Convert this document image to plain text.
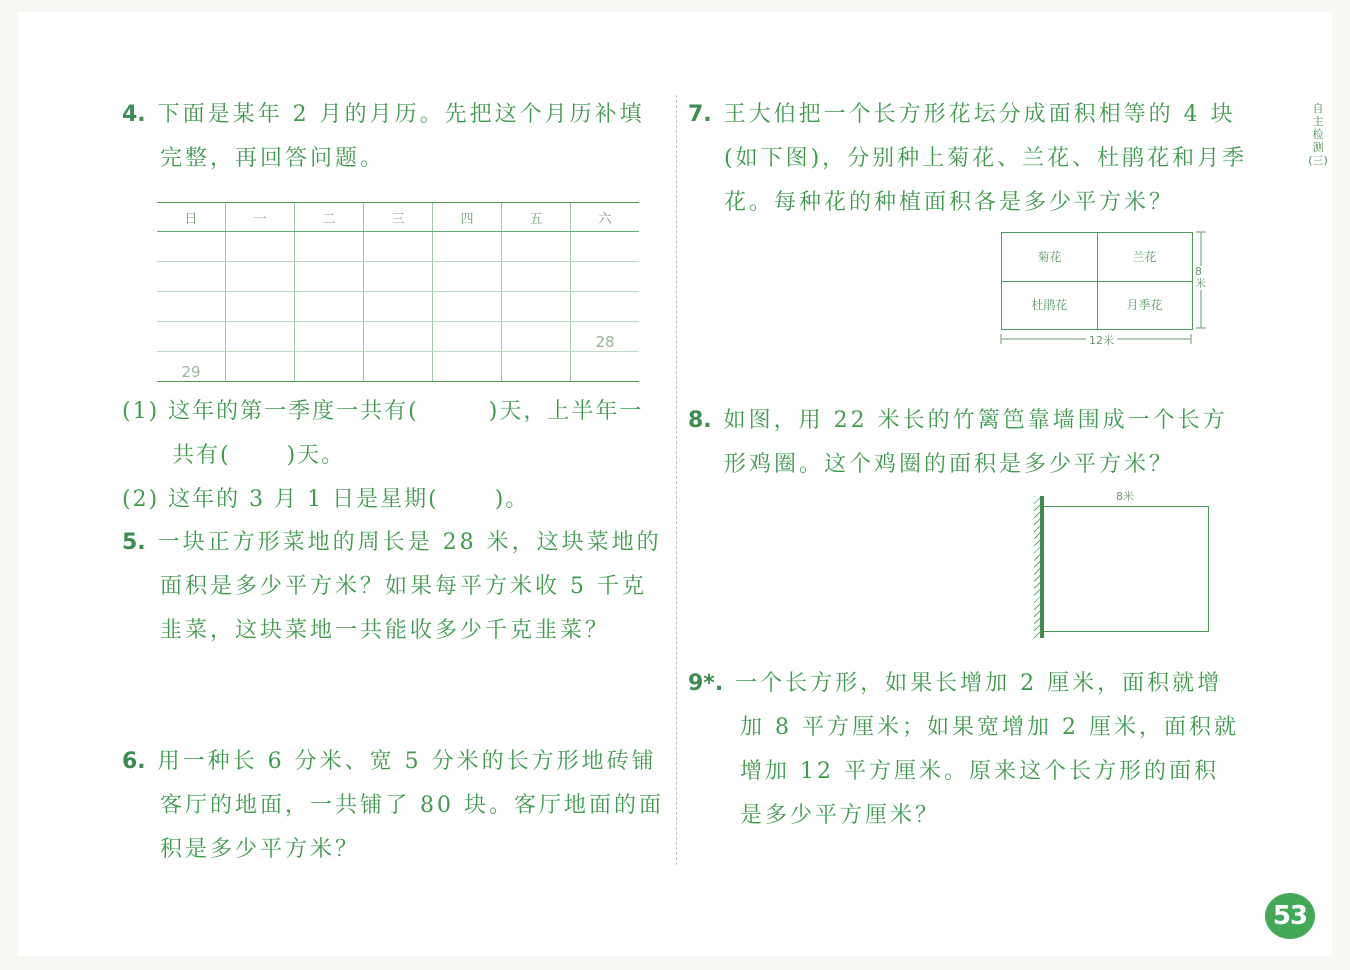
4. 下面是某年 2 月的月历。先把这个月历补填
完整，再回答问题。
日	一	二	三	四	五	六

						28
29						
(1) 这年的第一季度一共有(	)天，上半年一
共有(	)天。
(2) 这年的 3 月 1 日是星期(	)。
5. 一块正方形菜地的周长是 28 米，这块菜地的
面积是多少平方米？如果每平方米收 5 千克
韭菜，这块菜地一共能收多少千克韭菜？
6. 用一种长 6 分米、宽 5 分米的长方形地砖铺
客厅的地面，一共铺了 80 块。客厅地面的面
积是多少平方米？
7. 王大伯把一个长方形花坛分成面积相等的 4 块
(如下图)，分别种上菊花、兰花、杜鹃花和月季
花。每种花的种植面积各是多少平方米？
菊花	兰花
杜鹃花	月季花
12米
8米
8. 如图，用 22 米长的竹篱笆靠墙围成一个长方
形鸡圈。这个鸡圈的面积是多少平方米？
8米
9*. 一个长方形，如果长增加 2 厘米，面积就增
加 8 平方厘米；如果宽增加 2 厘米，面积就
增加 12 平方厘米。原来这个长方形的面积
是多少平方厘米？
自主检测(三)
53
